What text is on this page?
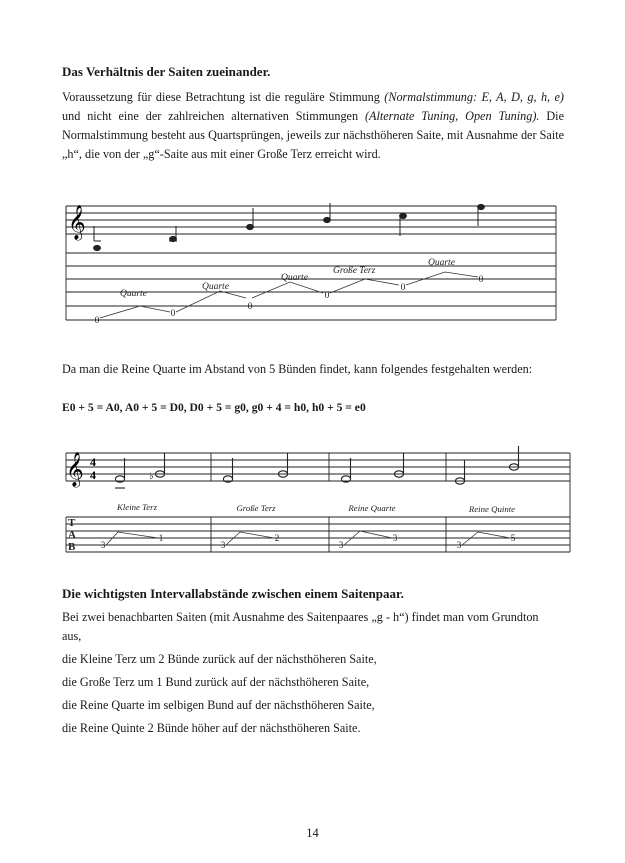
Das Verhältnis der Saiten zueinander.
Voraussetzung für diese Betrachtung ist die reguläre Stimmung (Normalstimmung: E, A, D, g, h, e) und nicht eine der zahlreichen alternativen Stimmungen (Alternate Tuning, Open Tuning). Die Normalstimmung besteht aus Quartsprüngen, jeweils zur nächsthöheren Saite, mit Ausnahme der Saite „h“, die von der „g“-Saite aus mit einer Große Terz erreicht wird.
𝄞
0
0
0
0
0
0
Quarte
Quarte
Quarte
Große Terz
Quarte
𝄞 4
4	♭
T
A
B
Kleine Terz	Große Terz	Reine Quarte	Reine Quinte
3
1
3
2
3
3
3
5
Da man die Reine Quarte im Abstand von 5 Bünden findet, kann folgendes festgehalten werden:
E0 + 5 = A0, A0 + 5 = D0, D0 + 5 = g0, g0 + 4 = h0, h0 + 5 = e0
Die wichtigsten Intervallabstände zwischen einem Saitenpaar.
Bei zwei benachbarten Saiten (mit Ausnahme des Saitenpaares „g - h“) findet man vom Grundton aus,
die Kleine Terz um 2 Bünde zurück auf der nächsthöheren Saite,
die Große Terz um 1 Bund zurück auf der nächsthöheren Saite,
die Reine Quarte im selbigen Bund auf der nächsthöheren Saite,
die Reine Quinte 2 Bünde höher auf der nächsthöheren Saite.
14
